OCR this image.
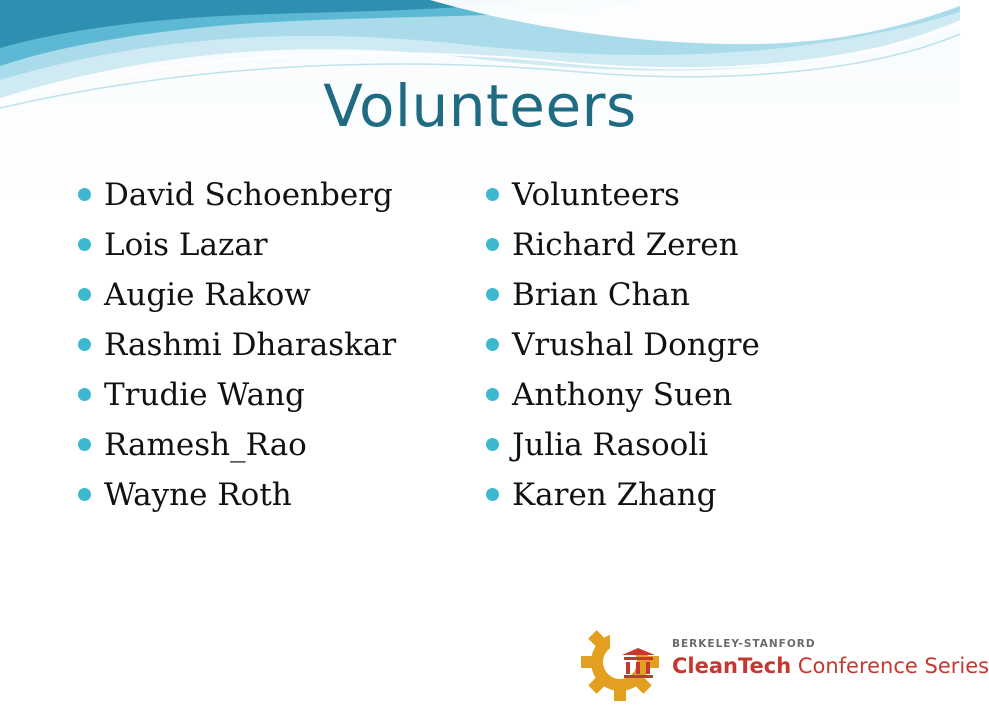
Volunteers
David Schoenberg
Lois Lazar
Augie Rakow
Rashmi Dharaskar
Trudie Wang
Ramesh_Rao
Wayne Roth
Volunteers
Richard Zeren
Brian Chan
Vrushal Dongre
Anthony Suen
Julia Rasooli
Karen Zhang
BERKELEY-STANFORD
CleanTech Conference Series
